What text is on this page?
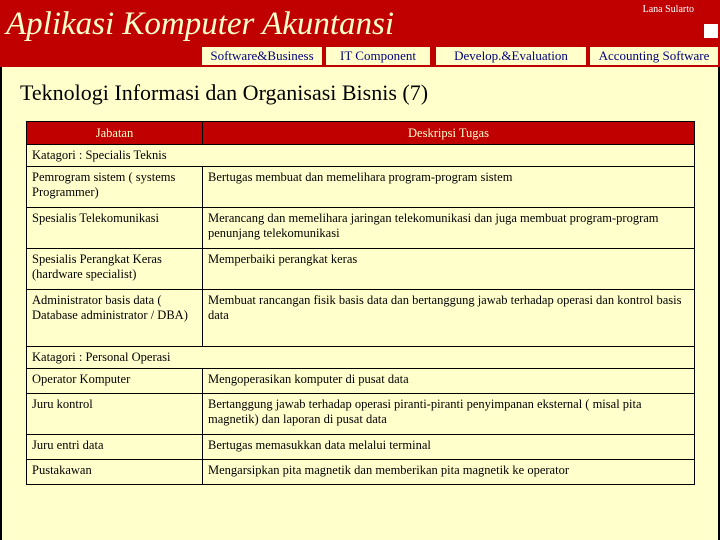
Aplikasi Komputer Akuntansi	Lana Sularto
Software&Business	IT Component	Develop.&Evaluation	Accounting Software
Teknologi Informasi dan Organisasi Bisnis (7)
Jabatan	Deskripsi Tugas
Katagori : Specialis Teknis	
Pemrogram sistem ( systems Programmer)	Bertugas membuat dan memelihara program-program sistem
Spesialis Telekomunikasi	Merancang dan memelihara jaringan telekomunikasi dan juga membuat program-program penunjang telekomunikasi
Spesialis Perangkat Keras (hardware specialist)	Memperbaiki perangkat keras
Administrator basis data ( Database administrator / DBA)	Membuat rancangan fisik basis data dan bertanggung jawab terhadap operasi dan kontrol basis data
Katagori : Personal Operasi	
Operator Komputer	Mengoperasikan komputer di pusat data
Juru kontrol	Bertanggung jawab terhadap operasi piranti-piranti penyimpanan eksternal ( misal pita magnetik) dan laporan di pusat data
Juru entri data	Bertugas memasukkan data melalui terminal
Pustakawan	Mengarsipkan pita magnetik dan memberikan pita magnetik ke operator
